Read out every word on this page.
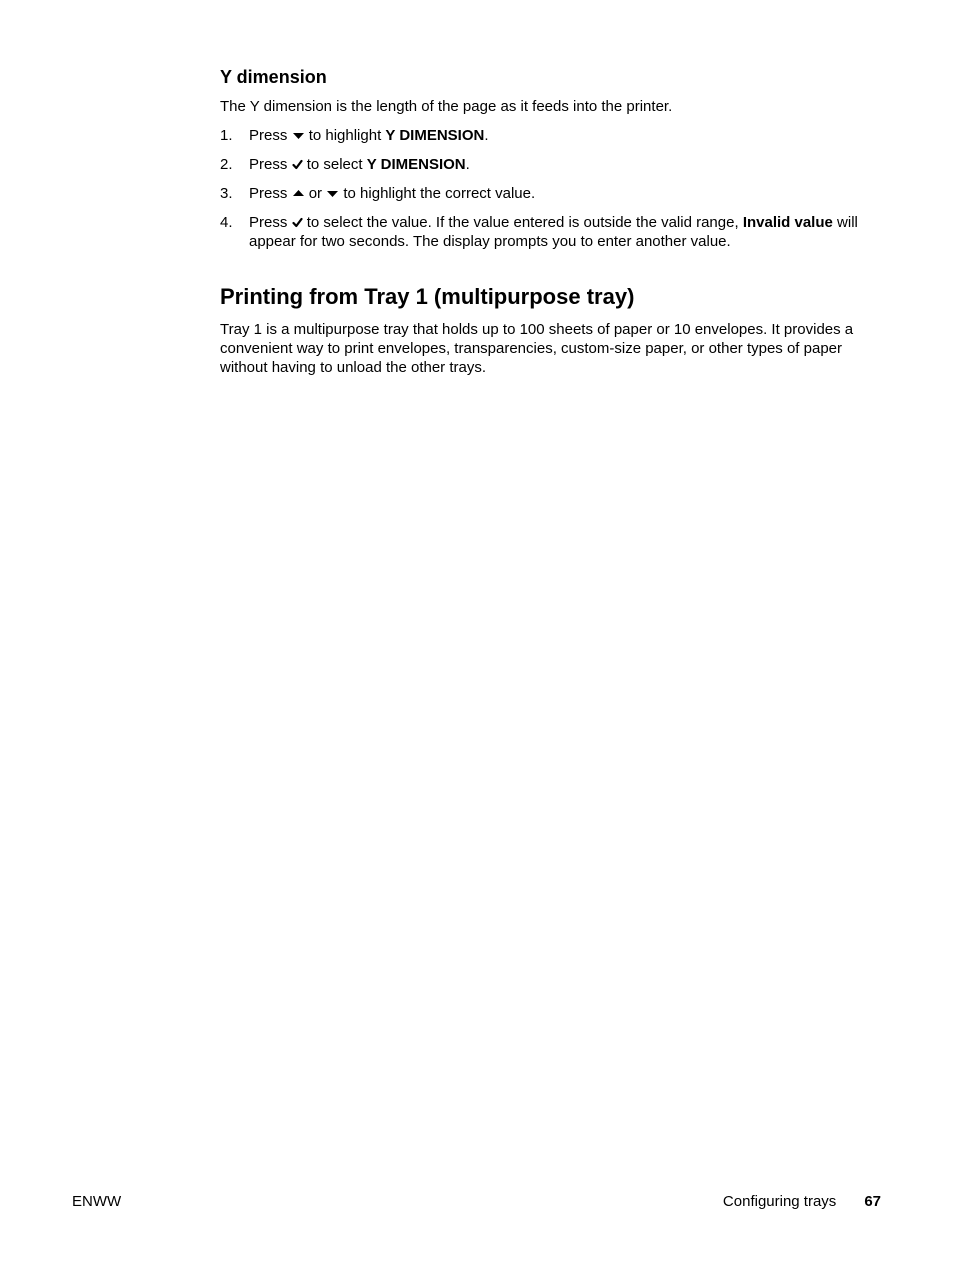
Y dimension

The Y dimension is the length of the page as it feeds into the printer.

1. Press to highlight Y DIMENSION.
2. Press to select Y DIMENSION.
3. Press or to highlight the correct value.
4. Press to select the value. If the value entered is outside the valid range, Invalid value will appear for two seconds. The display prompts you to enter another value.
Printing from Tray 1 (multipurpose tray)

Tray 1 is a multipurpose tray that holds up to 100 sheets of paper or 10 envelopes. It provides a convenient way to print envelopes, transparencies, custom-size paper, or other types of paper without having to unload the other trays.

ENWW	Configuring trays 67
